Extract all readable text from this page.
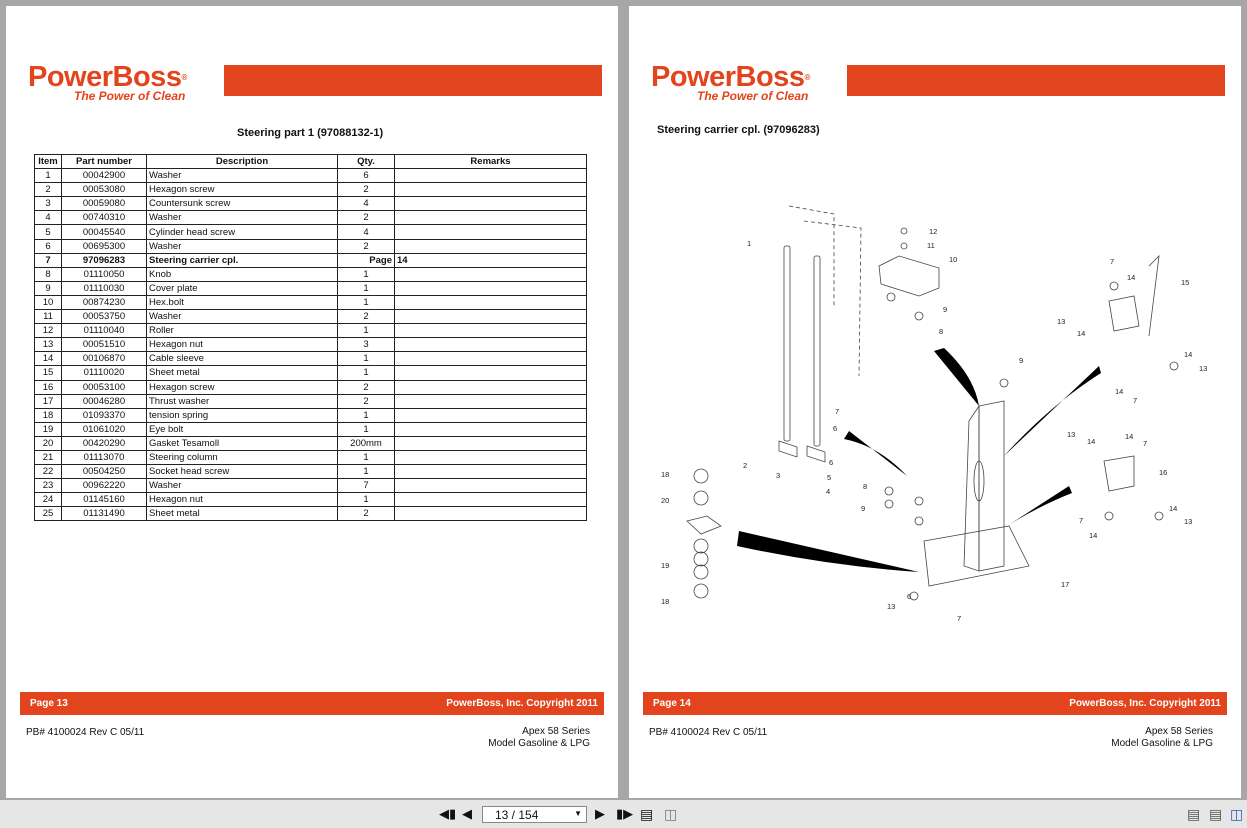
PowerBoss®
The Power of Clean
Steering part 1 (97088132-1)
Item	Part number	Description	Qty.	Remarks
1	00042900	Washer	6	
2	00053080	Hexagon screw	2	
3	00059080	Countersunk screw	4	
4	00740310	Washer	2	
5	00045540	Cylinder head screw	4	
6	00695300	Washer	2	
7	97096283	Steering carrier cpl.	Page	14
8	01110050	Knob	1	
9	01110030	Cover plate	1	
10	00874230	Hex.bolt	1	
11	00053750	Washer	2	
12	01110040	Roller	1	
13	00051510	Hexagon nut	3	
14	00106870	Cable sleeve	1	
15	01110020	Sheet metal	1	
16	00053100	Hexagon screw	2	
17	00046280	Thrust washer	2	
18	01093370	tension spring	1	
19	01061020	Eye bolt	1	
20	00420290	Gasket Tesamoll	200mm	
21	01113070	Steering column	1	
22	00504250	Socket head screw	1	
23	00962220	Washer	7	
24	01145160	Hexagon nut	1	
25	01131490	Sheet metal	2	
Page 13	PowerBoss, Inc. Copyright 2011
PB# 4100024 Rev C 05/11	Apex 58 Series
Model Gasoline & LPG
PowerBoss®
The Power of Clean
Steering carrier cpl. (97096283)
1
12
11
10
9
8
2
3
7
6
6
5
4
7
14
15
13
14
14
13
14
7
9
13
14
14
7
16
14
13
7
14
18
20
19
18
8
9
17
6
13
7
Page 14	PowerBoss, Inc. Copyright 2011
PB# 4100024 Rev C 05/11	Apex 58 Series
Model Gasoline & LPG
◀▮ ◀	▶ ▮▶ ▤ ◫	▤ ▤ ◫
13 / 154	▼
